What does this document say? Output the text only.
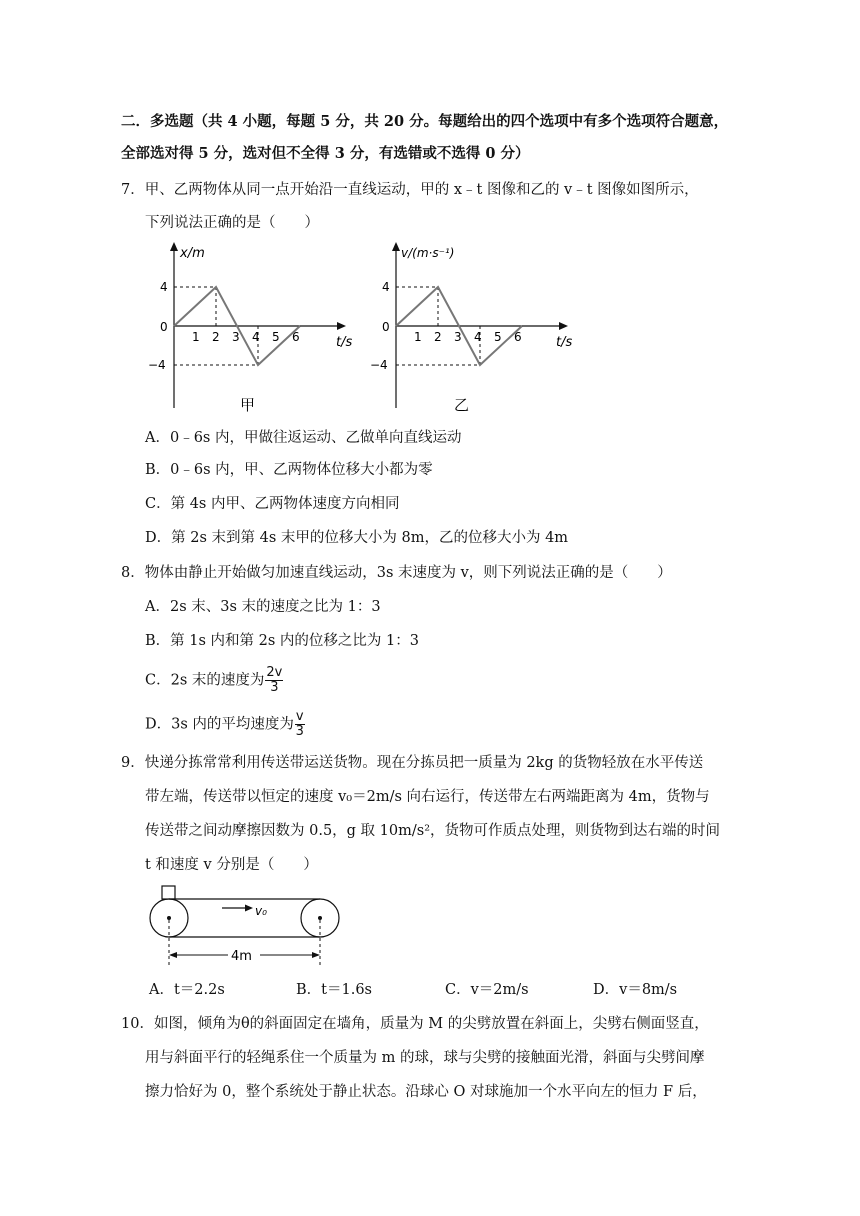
二．多选题（共 4 小题，每题 5 分，共 20 分。每题给出的四个选项中有多个选项符合题意，
全部选对得 5 分，选对但不全得 3 分，有选错或不选得 0 分）
7．甲、乙两物体从同一点开始沿一直线运动，甲的 x﹣t 图像和乙的 v﹣t 图像如图所示，
下列说法正确的是（　　）
x/m
t/s
4
0
−4
1 2 3 4 5 6
甲
v/(m·s⁻¹)
t/s
4
0
−4
1 2 3 4 5 6
乙
A．0﹣6s 内，甲做往返运动、乙做单向直线运动
B．0﹣6s 内，甲、乙两物体位移大小都为零
C．第 4s 内甲、乙两物体速度方向相同
D．第 2s 末到第 4s 末甲的位移大小为 8m，乙的位移大小为 4m
8．物体由静止开始做匀加速直线运动，3s 末速度为 v，则下列说法正确的是（　　）
A．2s 末、3s 末的速度之比为 1：3
B．第 1s 内和第 2s 内的位移之比为 1：3
C．2s 末的速度为 $\frac{2v}{3}$
D．3s 内的平均速度为 $\frac{v}{3}$
9．快递分拣常常利用传送带运送货物。现在分拣员把一质量为 2kg 的货物轻放在水平传送
带左端，传送带以恒定的速度 v₀＝2m/s 向右运行，传送带左右两端距离为 4m，货物与
传送带之间动摩擦因数为 0.5，g 取 10m/s²，货物可作质点处理，则货物到达右端的时间
t 和速度 v 分别是（　　）
v₀
4m
A．t＝2.2s	B．t＝1.6s	C．v＝2m/s	D．v＝8m/s
10．如图，倾角为θ的斜面固定在墙角，质量为 M 的尖劈放置在斜面上，尖劈右侧面竖直，
用与斜面平行的轻绳系住一个质量为 m 的球，球与尖劈的接触面光滑，斜面与尖劈间摩
擦力恰好为 0，整个系统处于静止状态。沿球心 O 对球施加一个水平向左的恒力 F 后，
